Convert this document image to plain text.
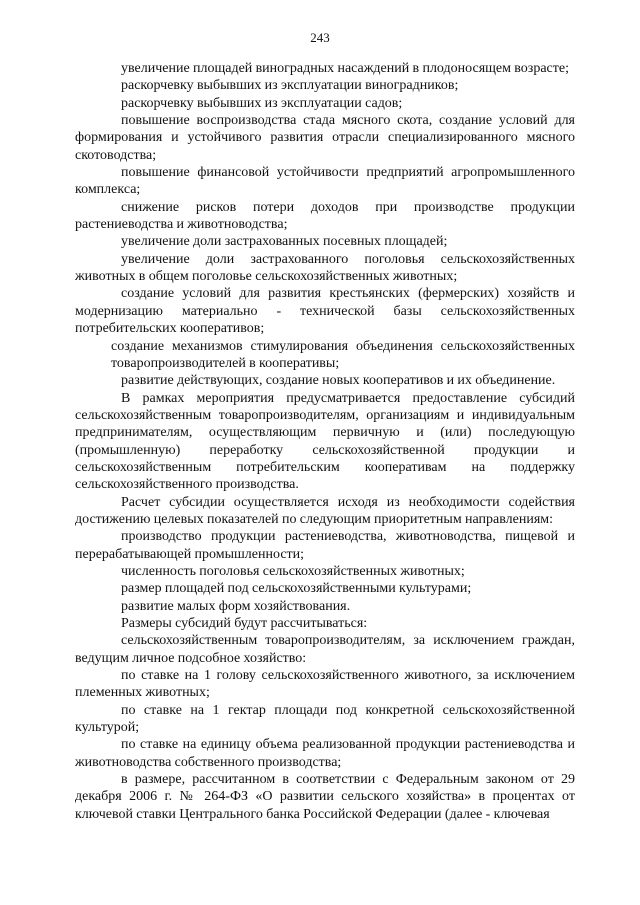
243

увеличение площадей виноградных насаждений в плодоносящем возрасте;

раскорчевку выбывших из эксплуатации виноградников;

раскорчевку выбывших из эксплуатации садов;

повышение воспроизводства стада мясного скота, создание условий для формирования и устойчивого развития отрасли специализированного мясного скотоводства;

повышение финансовой устойчивости предприятий агропромышленного комплекса;

снижение рисков потери доходов при производстве продукции растениеводства и животноводства;

увеличение доли застрахованных посевных площадей;

увеличение доли застрахованного поголовья сельскохозяйственных животных в общем поголовье сельскохозяйственных животных;

создание условий для развития крестьянских (фермерских) хозяйств и модернизацию материально - технической базы сельскохозяйственных потребительских кооперативов;

создание механизмов стимулирования объединения сельскохозяйственных товаропроизводителей в кооперативы;

развитие действующих, создание новых кооперативов и их объединение.

В рамках мероприятия предусматривается предоставление субсидий сельскохозяйственным товаропроизводителям, организациям и индивидуальным предпринимателям, осуществляющим первичную и (или) последующую (промышленную) переработку сельскохозяйственной продукции и сельскохозяйственным потребительским кооперативам на поддержку сельскохозяйственного производства.

Расчет субсидии осуществляется исходя из необходимости содействия достижению целевых показателей по следующим приоритетным направлениям:

производство продукции растениеводства, животноводства, пищевой и перерабатывающей промышленности;

численность поголовья сельскохозяйственных животных;

размер площадей под сельскохозяйственными культурами;

развитие малых форм хозяйствования.

Размеры субсидий будут рассчитываться:

сельскохозяйственным товаропроизводителям, за исключением граждан, ведущим личное подсобное хозяйство:

по ставке на 1 голову сельскохозяйственного животного, за исключением племенных животных;

по ставке на 1 гектар площади под конкретной сельскохозяйственной культурой;

по ставке на единицу объема реализованной продукции растениеводства и животноводства собственного производства;

в размере, рассчитанном в соответствии с Федеральным законом от 29 декабря 2006 г. № 264-ФЗ «О развитии сельского хозяйства» в процентах от ключевой ставки Центрального банка Российской Федерации (далее - ключевая
